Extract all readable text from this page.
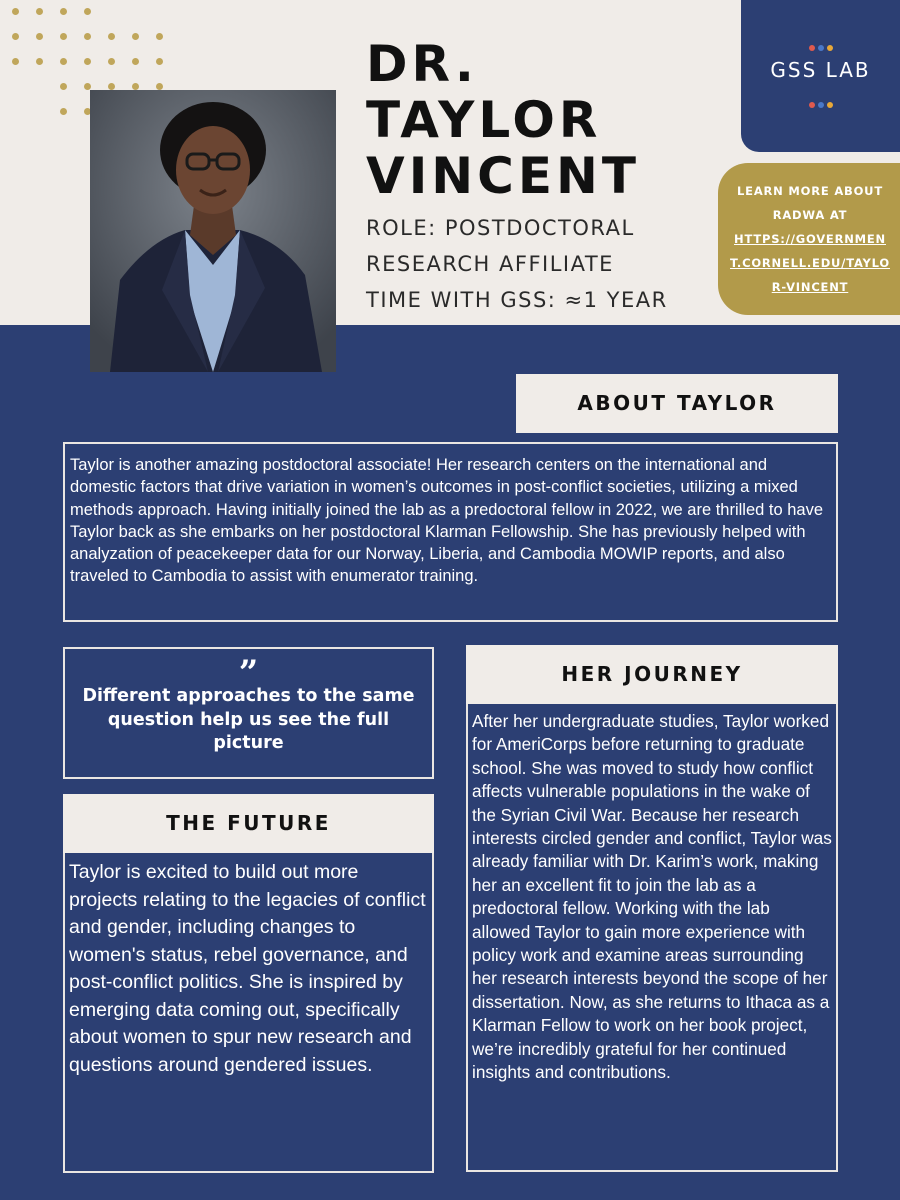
DR.
TAYLOR
VINCENT
ROLE: POSTDOCTORAL
RESEARCH AFFILIATE
TIME WITH GSS: ≈1 YEAR
GSS LAB
LEARN MORE ABOUT
RADWA AT
HTTPS://GOVERNMENT.CORNELL.EDU/TAYLOR-VINCENT
ABOUT TAYLOR
Taylor is another amazing postdoctoral associate! Her research centers on the international and domestic factors that drive variation in women’s outcomes in post-conflict societies, utilizing a mixed methods approach. Having initially joined the lab as a predoctoral fellow in 2022, we are thrilled to have Taylor back as she embarks on her postdoctoral Klarman Fellowship. She has previously helped with analyzation of peacekeeper data for our Norway, Liberia, and Cambodia MOWIP reports, and also traveled to Cambodia to assist with enumerator training.
”
Different approaches to the same question help us see the full picture
THE FUTURE
Taylor is excited to build out more projects relating to the legacies of conflict and gender, including changes to women's status, rebel governance, and post-conflict politics. She is inspired by emerging data coming out, specifically about women to spur new research and questions around gendered issues.
HER JOURNEY
After her undergraduate studies, Taylor worked for AmeriCorps before returning to graduate school. She was moved to study how conflict affects vulnerable populations in the wake of the Syrian Civil War. Because her research interests circled gender and conflict, Taylor was already familiar with Dr. Karim’s work, making her an excellent fit to join the lab as a predoctoral fellow. Working with the lab allowed Taylor to gain more experience with policy work and examine areas surrounding her research interests beyond the scope of her dissertation. Now, as she returns to Ithaca as a Klarman Fellow to work on her book project, we’re incredibly grateful for her continued insights and contributions.
